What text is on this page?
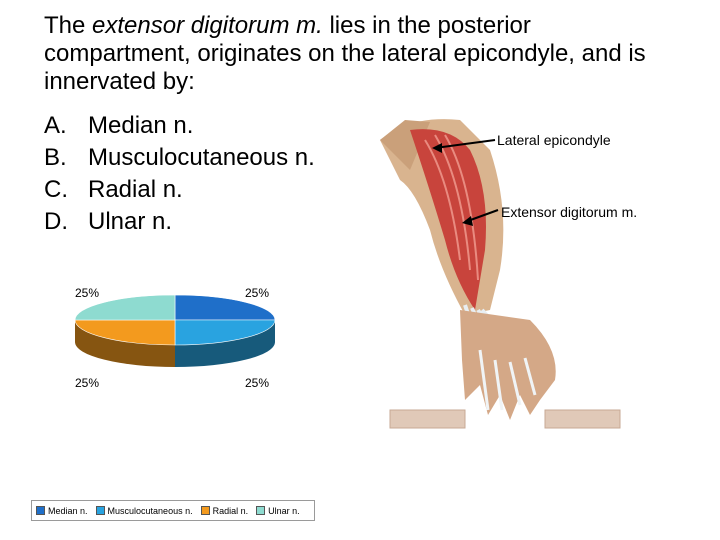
The extensor digitorum m. lies in the posterior compartment, originates on the lateral epicondyle, and is innervated by:
A. Median n.
B. Musculocutaneous n.
C. Radial n.
D. Ulnar n.
Lateral epicondyle
Extensor digitorum m.
25%	25%
25%	25%
Median n. Musculocutaneous n. Radial n. Ulnar n.
